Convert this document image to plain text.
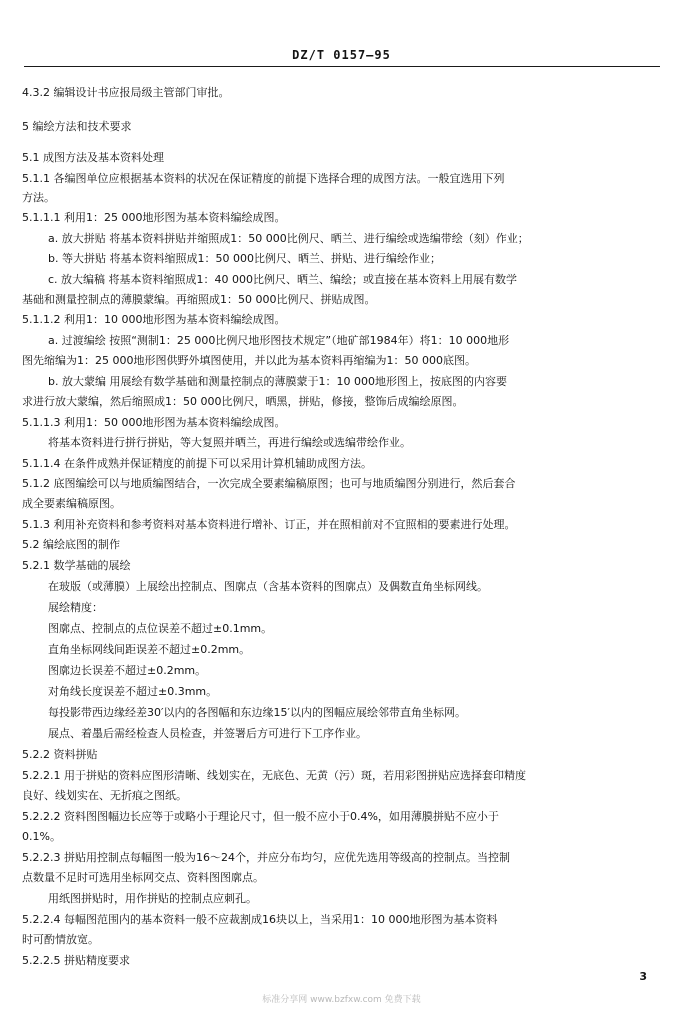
DZ/T 0157—95
4.3.2 编辑设计书应报局级主管部门审批。
5 编绘方法和技术要求
5.1 成图方法及基本资料处理
5.1.1 各编图单位应根据基本资料的状况在保证精度的前提下选择合理的成图方法。一般宜选用下列
方法。
5.1.1.1 利用1：25 000地形图为基本资料编绘成图。
a. 放大拼贴 将基本资料拼贴并缩照成1：50 000比例尺、晒兰、进行编绘或选编带绘（刻）作业；
b. 等大拼贴 将基本资料缩照成1：50 000比例尺、晒兰、拼贴、进行编绘作业；
c. 放大编稿 将基本资料缩照成1：40 000比例尺、晒兰、编绘；或直接在基本资料上用展有数学
基础和测量控制点的薄膜蒙编。再缩照成1：50 000比例尺、拼贴成图。
5.1.1.2 利用1：10 000地形图为基本资料编绘成图。
a. 过渡编绘 按照“测制1：25 000比例尺地形图技术规定”（地矿部1984年）将1：10 000地形
图先缩编为1：25 000地形图供野外填图使用，并以此为基本资料再缩编为1：50 000底图。
b. 放大蒙编 用展绘有数学基础和测量控制点的薄膜蒙于1：10 000地形图上，按底图的内容要
求进行放大蒙编，然后缩照成1：50 000比例尺，晒黑，拼贴，修接，整饰后成编绘原图。
5.1.1.3 利用1：50 000地形图为基本资料编绘成图。
将基本资料进行拼行拼贴，等大复照并晒兰，再进行编绘或选编带绘作业。
5.1.1.4 在条件成熟并保证精度的前提下可以采用计算机辅助成图方法。
5.1.2 底图编绘可以与地质编图结合，一次完成全要素编稿原图；也可与地质编图分别进行，然后套合
成全要素编稿原图。
5.1.3 利用补充资料和参考资料对基本资料进行增补、订正，并在照相前对不宜照相的要素进行处理。
5.2 编绘底图的制作
5.2.1 数学基础的展绘
在玻版（或薄膜）上展绘出控制点、图廓点（含基本资料的图廓点）及偶数直角坐标网线。
展绘精度：
图廓点、控制点的点位误差不超过±0.1mm。
直角坐标网线间距误差不超过±0.2mm。
图廓边长误差不超过±0.2mm。
对角线长度误差不超过±0.3mm。
每投影带西边缘经差30′以内的各图幅和东边缘15′以内的图幅应展绘邻带直角坐标网。
展点、着墨后需经检查人员检查，并签署后方可进行下工序作业。
5.2.2 资料拼贴
5.2.2.1 用于拼贴的资料应图形清晰、线划实在，无底色、无黄（污）斑，若用彩图拼贴应选择套印精度
良好、线划实在、无折痕之图纸。
5.2.2.2 资料图图幅边长应等于或略小于理论尺寸，但一般不应小于0.4%，如用薄膜拼贴不应小于
0.1%。
5.2.2.3 拼贴用控制点每幅图一般为16～24个，并应分布均匀，应优先选用等级高的控制点。当控制
点数量不足时可选用坐标网交点、资料图图廓点。
用纸图拼贴时，用作拼贴的控制点应刺孔。
5.2.2.4 每幅图范围内的基本资料一般不应裁割成16块以上，当采用1：10 000地形图为基本资料
时可酌情放宽。
5.2.2.5 拼贴精度要求
3
标准分享网 www.bzfxw.com 免费下载
